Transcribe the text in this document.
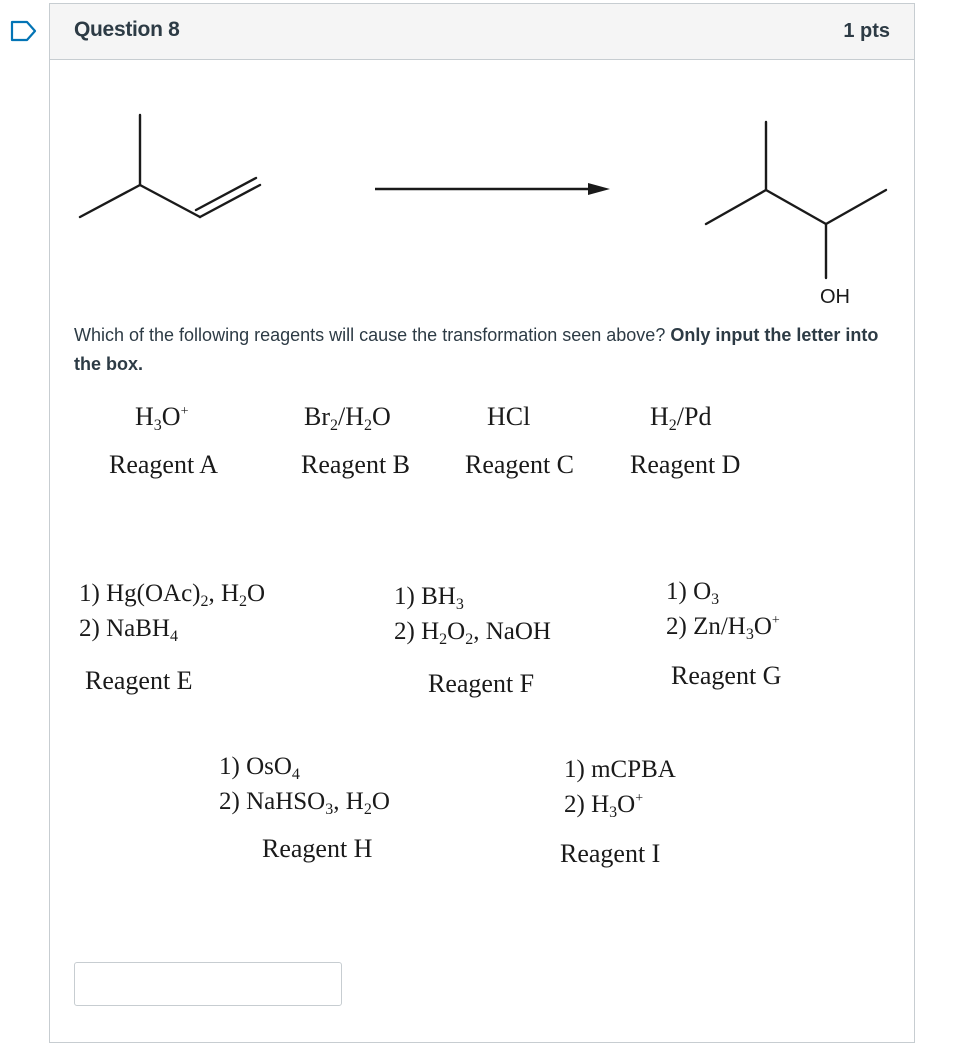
Question 8	1 pts
OH
Which of the following reagents will cause the transformation seen above? Only input the letter into the box.
$H_3O^+$
Reagent A
$Br_2/H_2O$
Reagent B
HCl
Reagent C
$H_2/Pd$
Reagent D
1) $Hg(OAc)_2$, $H_2O$
2) NaBH$_4$
Reagent E
1) $BH_3$
2) $H_2O_2$, NaOH
Reagent F
1) $O_3$
2) $Zn/H_3O^+$
Reagent G
1) OsO$_4$
2) NaHSO$_3$, $H_2O$
Reagent H
1) mCPBA
2) $H_3O^+$
Reagent I
